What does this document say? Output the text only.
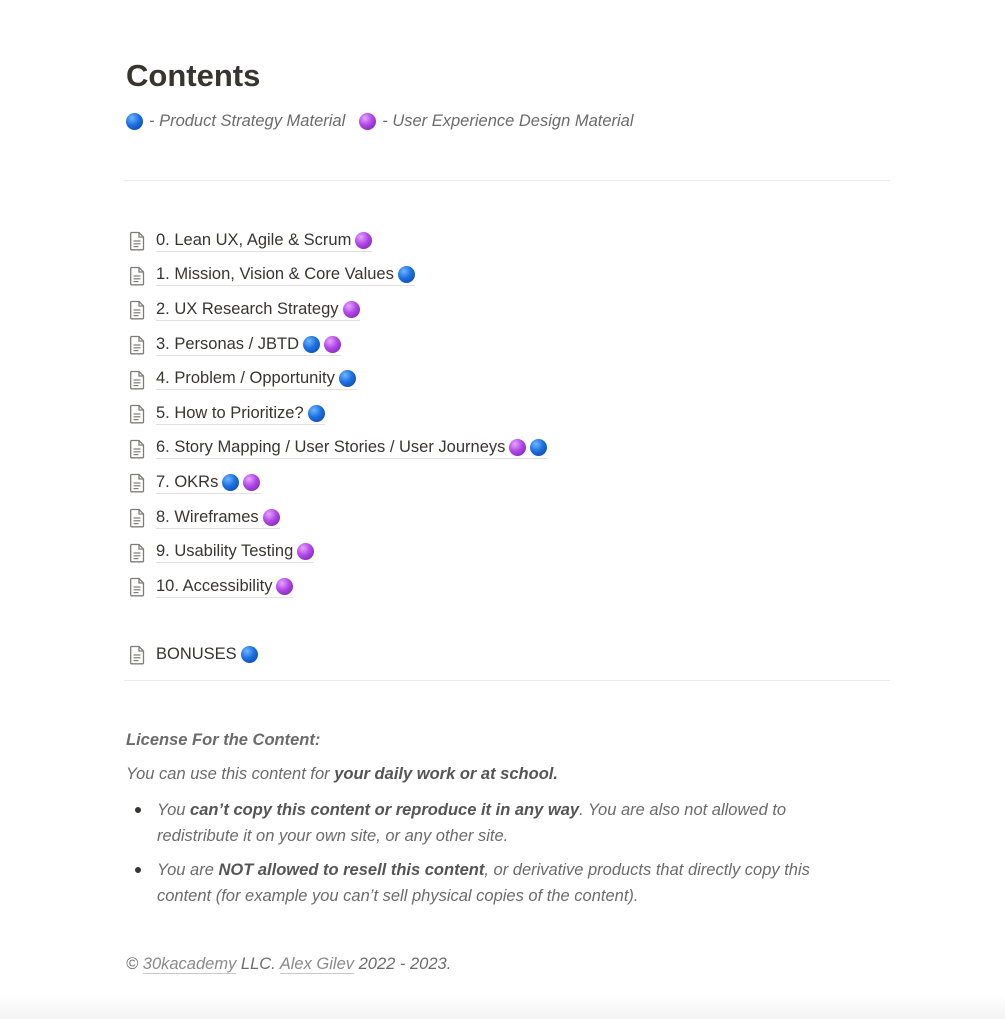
Contents
- Product Strategy Material - User Experience Design Material
0. Lean UX, Agile & Scrum
1. Mission, Vision & Core Values
2. UX Research Strategy
3. Personas / JBTD
4. Problem / Opportunity
5. How to Prioritize?
6. Story Mapping / User Stories / User Journeys
7. OKRs
8. Wireframes
9. Usability Testing
10. Accessibility
BONUSES
License For the Content:
You can use this content for your daily work or at school.
You can’t copy this content or reproduce it in any way. You are also not allowed to redistribute it on your own site, or any other site.
You are NOT allowed to resell this content, or derivative products that directly copy this content (for example you can’t sell physical copies of the content).
© 30kacademy LLC. Alex Gilev 2022 - 2023.
